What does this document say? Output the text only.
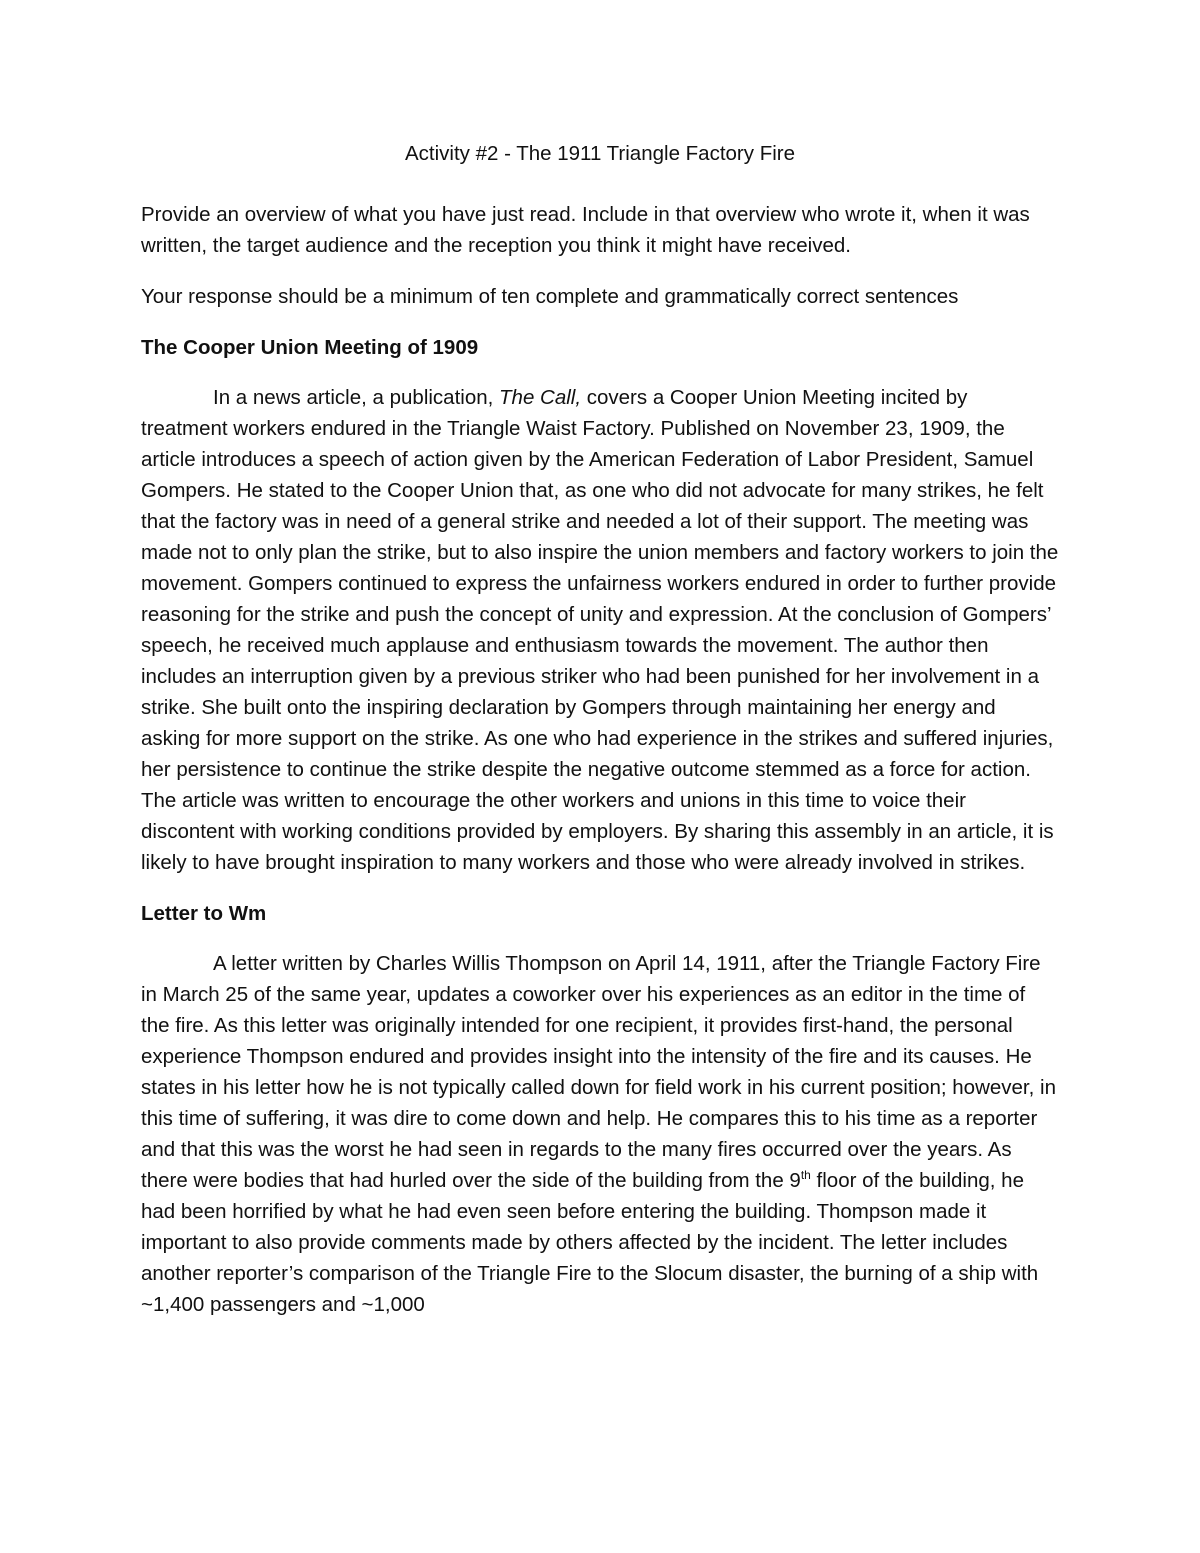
Activity #2 - The 1911 Triangle Factory Fire
Provide an overview of what you have just read. Include in that overview who wrote it, when it was written, the target audience and the reception you think it might have received.
Your response should be a minimum of ten complete and grammatically correct sentences
The Cooper Union Meeting of 1909
In a news article, a publication, The Call, covers a Cooper Union Meeting incited by treatment workers endured in the Triangle Waist Factory. Published on November 23, 1909, the article introduces a speech of action given by the American Federation of Labor President, Samuel Gompers. He stated to the Cooper Union that, as one who did not advocate for many strikes, he felt that the factory was in need of a general strike and needed a lot of their support. The meeting was made not to only plan the strike, but to also inspire the union members and factory workers to join the movement. Gompers continued to express the unfairness workers endured in order to further provide reasoning for the strike and push the concept of unity and expression. At the conclusion of Gompers’ speech, he received much applause and enthusiasm towards the movement. The author then includes an interruption given by a previous striker who had been punished for her involvement in a strike. She built onto the inspiring declaration by Gompers through maintaining her energy and asking for more support on the strike. As one who had experience in the strikes and suffered injuries, her persistence to continue the strike despite the negative outcome stemmed as a force for action. The article was written to encourage the other workers and unions in this time to voice their discontent with working conditions provided by employers. By sharing this assembly in an article, it is likely to have brought inspiration to many workers and those who were already involved in strikes.
Letter to Wm
A letter written by Charles Willis Thompson on April 14, 1911, after the Triangle Factory Fire in March 25 of the same year, updates a coworker over his experiences as an editor in the time of the fire. As this letter was originally intended for one recipient, it provides first-hand, the personal experience Thompson endured and provides insight into the intensity of the fire and its causes. He states in his letter how he is not typically called down for field work in his current position; however, in this time of suffering, it was dire to come down and help. He compares this to his time as a reporter and that this was the worst he had seen in regards to the many fires occurred over the years. As there were bodies that had hurled over the side of the building from the 9th floor of the building, he had been horrified by what he had even seen before entering the building. Thompson made it important to also provide comments made by others affected by the incident. The letter includes another reporter’s comparison of the Triangle Fire to the Slocum disaster, the burning of a ship with ~1,400 passengers and ~1,000
